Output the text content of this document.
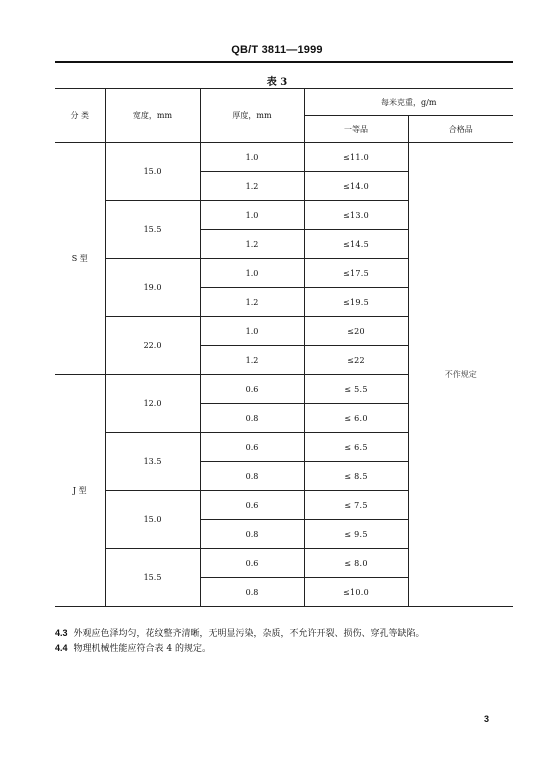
QB/T 3811—1999
表 3
分 类	宽度，mm	厚度，mm	每米克重，g/m	
			一等品	合格品
S 型	15.0	1.0	≤11.0	不作规定
		1.2	≤14.0	
	15.5	1.0	≤13.0	
		1.2	≤14.5	
	19.0	1.0	≤17.5	
		1.2	≤19.5	
	22.0	1.0	≤20	
		1.2	≤22	
J 型	12.0	0.6	≤ 5.5	
		0.8	≤ 6.0	
	13.5	0.6	≤ 6.5	
		0.8	≤ 8.5	
	15.0	0.6	≤ 7.5	
		0.8	≤ 9.5	
	15.5	0.6	≤ 8.0	
		0.8	≤10.0	
4.3 外观应色泽均匀，花纹整齐清晰，无明显污染，杂质，不允许开裂、损伤、穿孔等缺陷。
4.4 物理机械性能应符合表 4 的规定。
3
